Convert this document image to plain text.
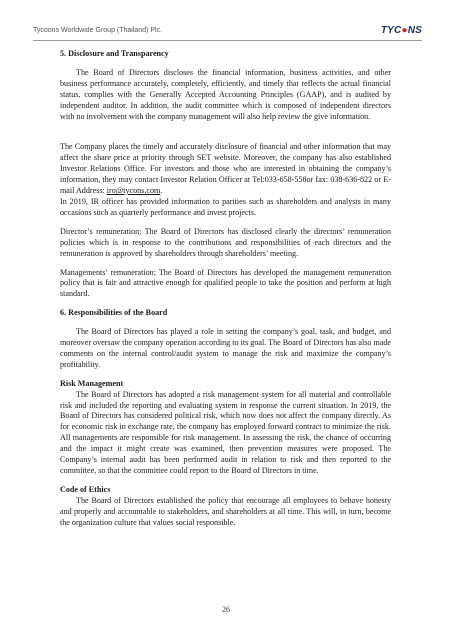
Tycoons Worldwide Group (Thailand) Plc.	TYC●NS

5. Disclosure and Transparency

The Board of Directors discloses the financial information, business activities, and other business performance accurately, completely, efficiently, and timely that reflects the actual financial status, complies with the Generally Accepted Accounting Principles (GAAP), and is audited by independent auditor. In addition, the audit committee which is composed of independent directors with no involvement with the company management will also help review the give information.

The Company places the timely and accurately disclosure of financial and other information that may affect the share price at priority through SET website. Moreover, the company has also established Investor Relations Office. For investors and those who are interested in obtaining the company’s information, they may contact Investor Relation Officer at Tel:033-658-558or fax: 038-636-822 or E-mail Address: iro@tycons.com.

In 2019, IR officer has provided information to parities such as shareholders and analysts in many occasions such as quarterly performance and invest projects.

Director’s remuneration; The Board of Directors has disclosed clearly the directors’ remuneration policies which is in response to the contributions and responsibilities of each directors and the remuneration is approved by shareholders through shareholders’ meeting.

Managements’ remuneration; The Board of Directors has developed the management remuneration policy that is fair and attractive enough for qualified people to take the position and perform at high standard.

6. Responsibilities of the Board

The Board of Directors has played a role in setting the company’s goal, task, and budget, and moreover oversaw the company operation according to its goal. The Board of Directors has also made comments on the internal control/audit system to manage the risk and maximize the company’s profitability.

Risk Management

The Board of Directors has adopted a risk management system for all material and controllable risk and included the reporting and evaluating system in response the current situation. In 2019, the Board of Directors has considered political risk, which now does not affect the company directly. As for economic risk in exchange rate, the company has employed forward contract to minimize the risk. All managements are responsible for risk management. In assessing the risk, the chance of occurring and the impact it might create was examined, then prevention measures were proposed. The Company’s internal audit has been performed audit in relation to risk and then reported to the committee, so that the committee could report to the Board of Directors in time.

Code of Ethics

The Board of Directors established the policy that encourage all employees to behave honesty and properly and accountable to stakeholders, and shareholders at all time. This will, in turn, become the organization culture that values social responsible.

26
